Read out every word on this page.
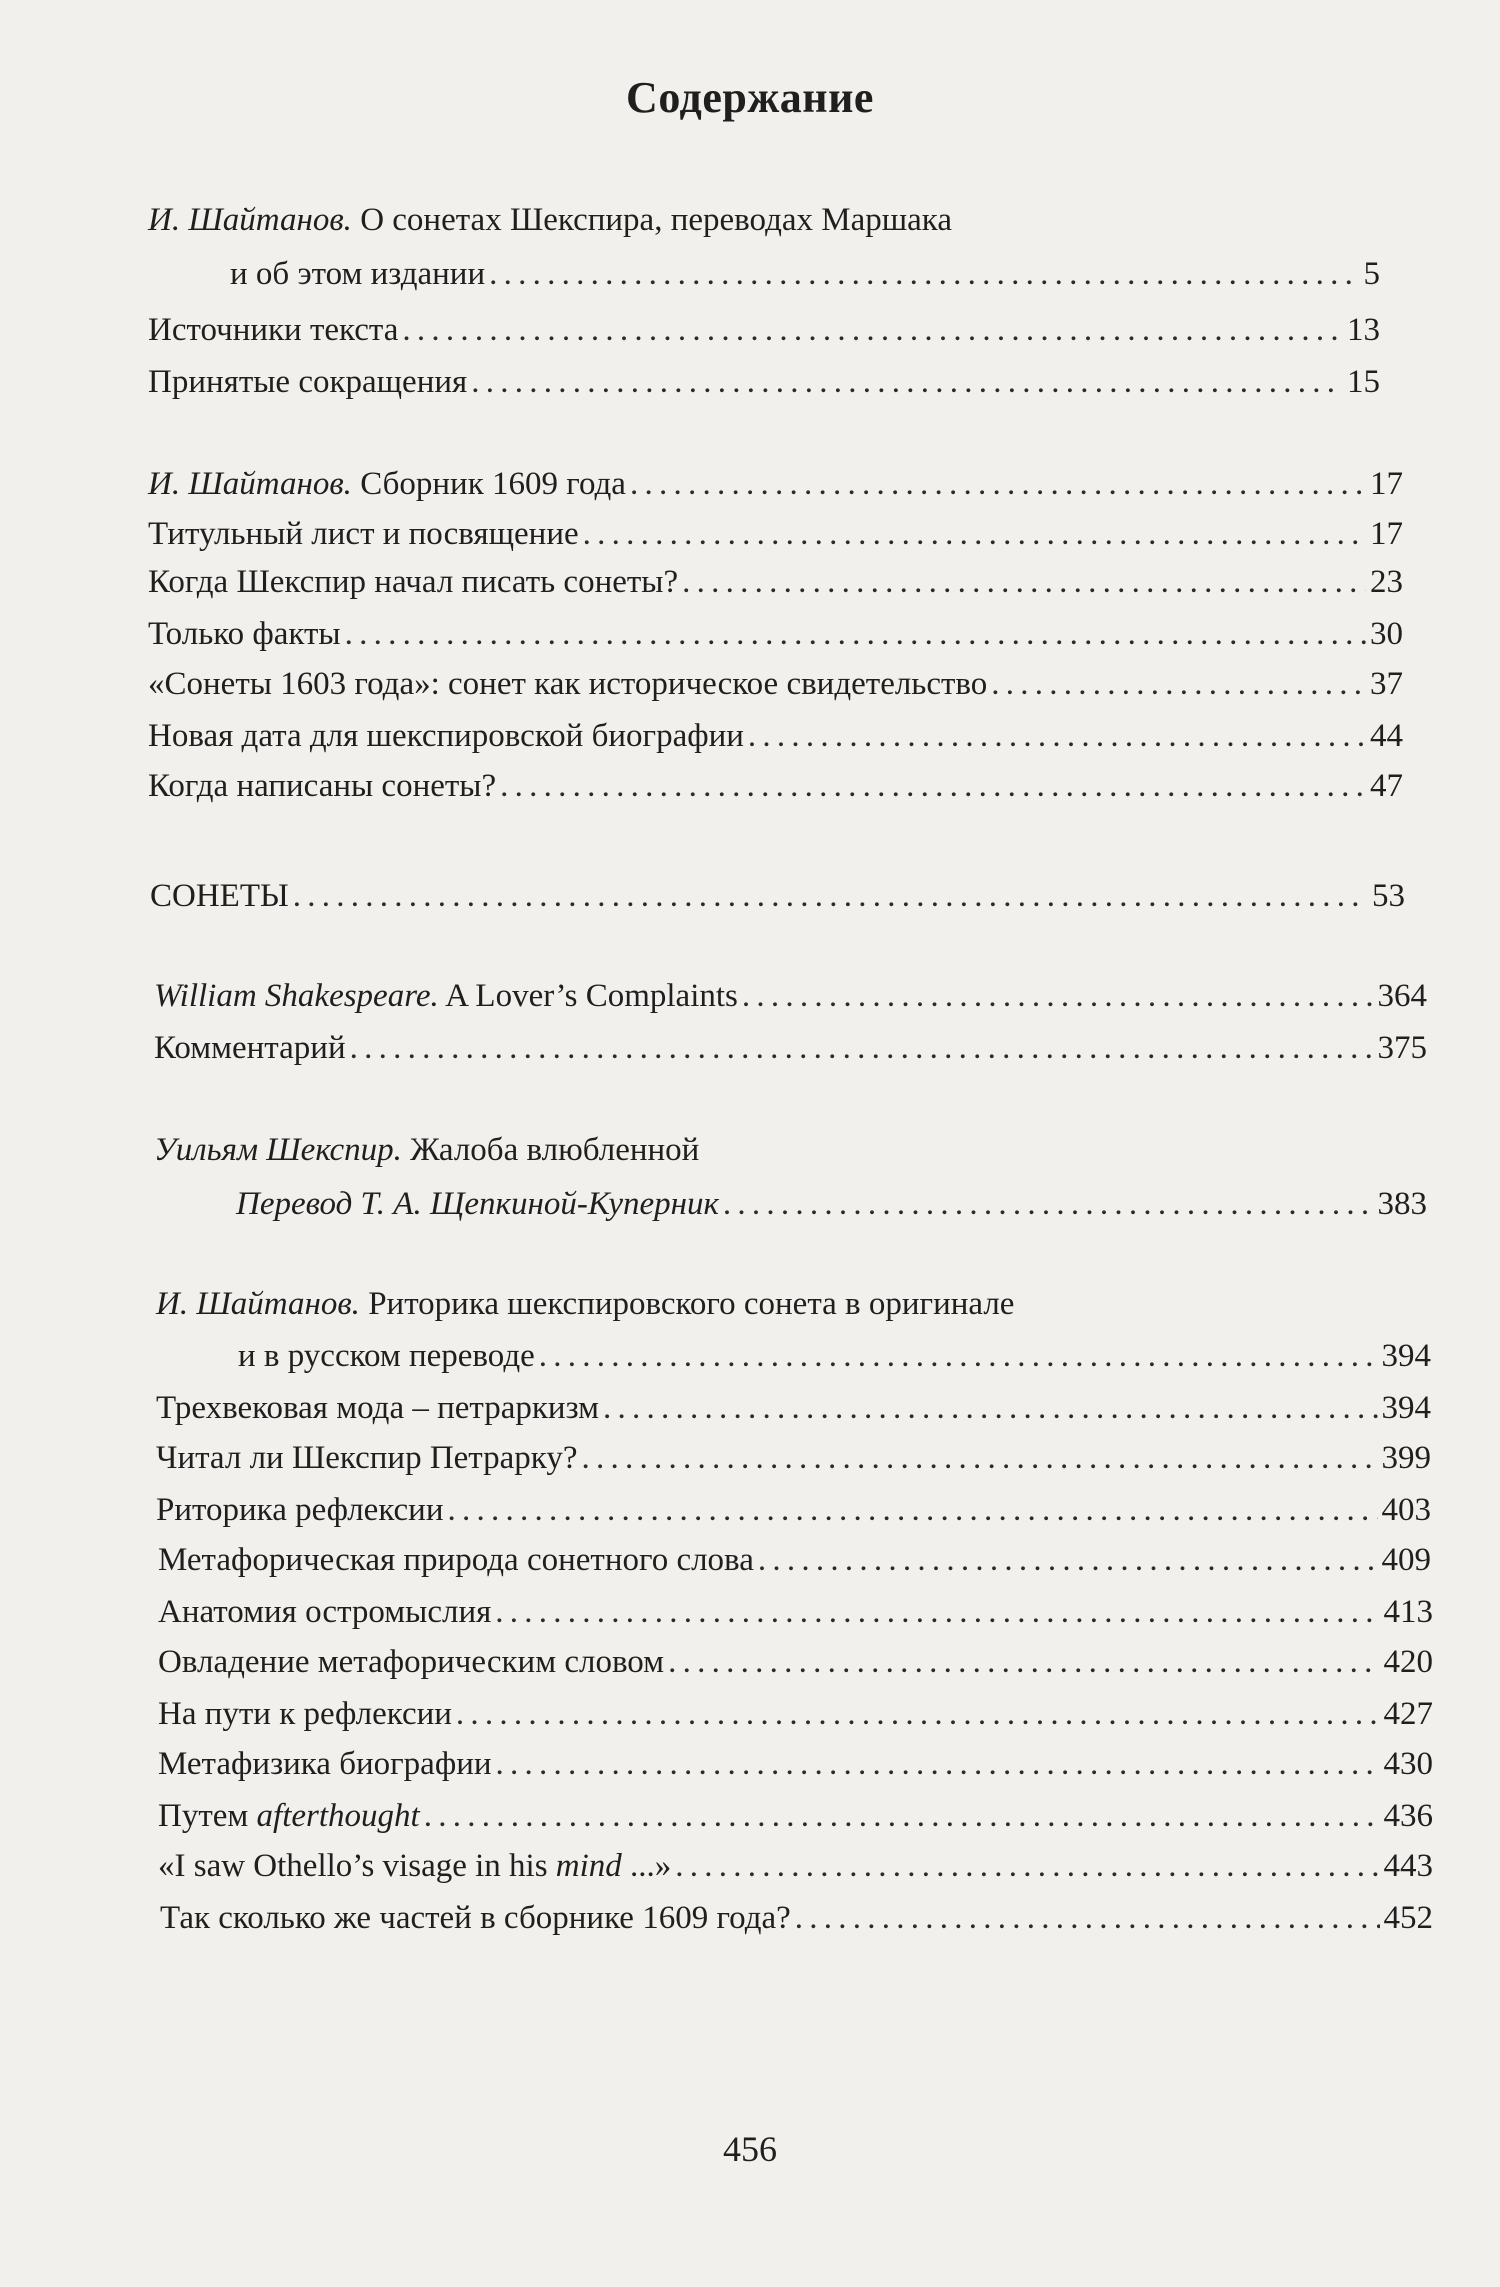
Содержание
И. Шайтанов. О сонетах Шекспира, переводах Маршака
и об этом издании . . .	5
Источники текста . . .	13
Принятые сокращения . . .	15
И. Шайтанов. Сборник 1609 года . . .	17
Титульный лист и посвящение . . .	17
Когда Шекспир начал писать сонеты? . . .	23
Только факты . . .	30
«Сонеты 1603 года»: сонет как историческое свидетельство . . .	37
Новая дата для шекспировской биографии . . .	44
Когда написаны сонеты? . . .	47
СОНЕТЫ . . .	53
William Shakespeare. A Lover’s Complaints . . .	364
Комментарий . . .	375
Уильям Шекспир. Жалоба влюбленной
Перевод Т. А. Щепкиной-Куперник . . .	383
И. Шайтанов. Риторика шекспировского сонета в оригинале
и в русском переводе . . .	394
Трехвековая мода – петраркизм . . .	394
Читал ли Шекспир Петрарку? . . .	399
Риторика рефлексии . . .	403
Метафорическая природа сонетного слова . . .	409
Анатомия остромыслия . . .	413
Овладение метафорическим словом . . .	420
На пути к рефлексии . . .	427
Метафизика биографии . . .	430
Путем afterthought . . .	436
«I saw Othello’s visage in his mind ...» . . .	443
Так сколько же частей в сборнике 1609 года? . . .	452
456
